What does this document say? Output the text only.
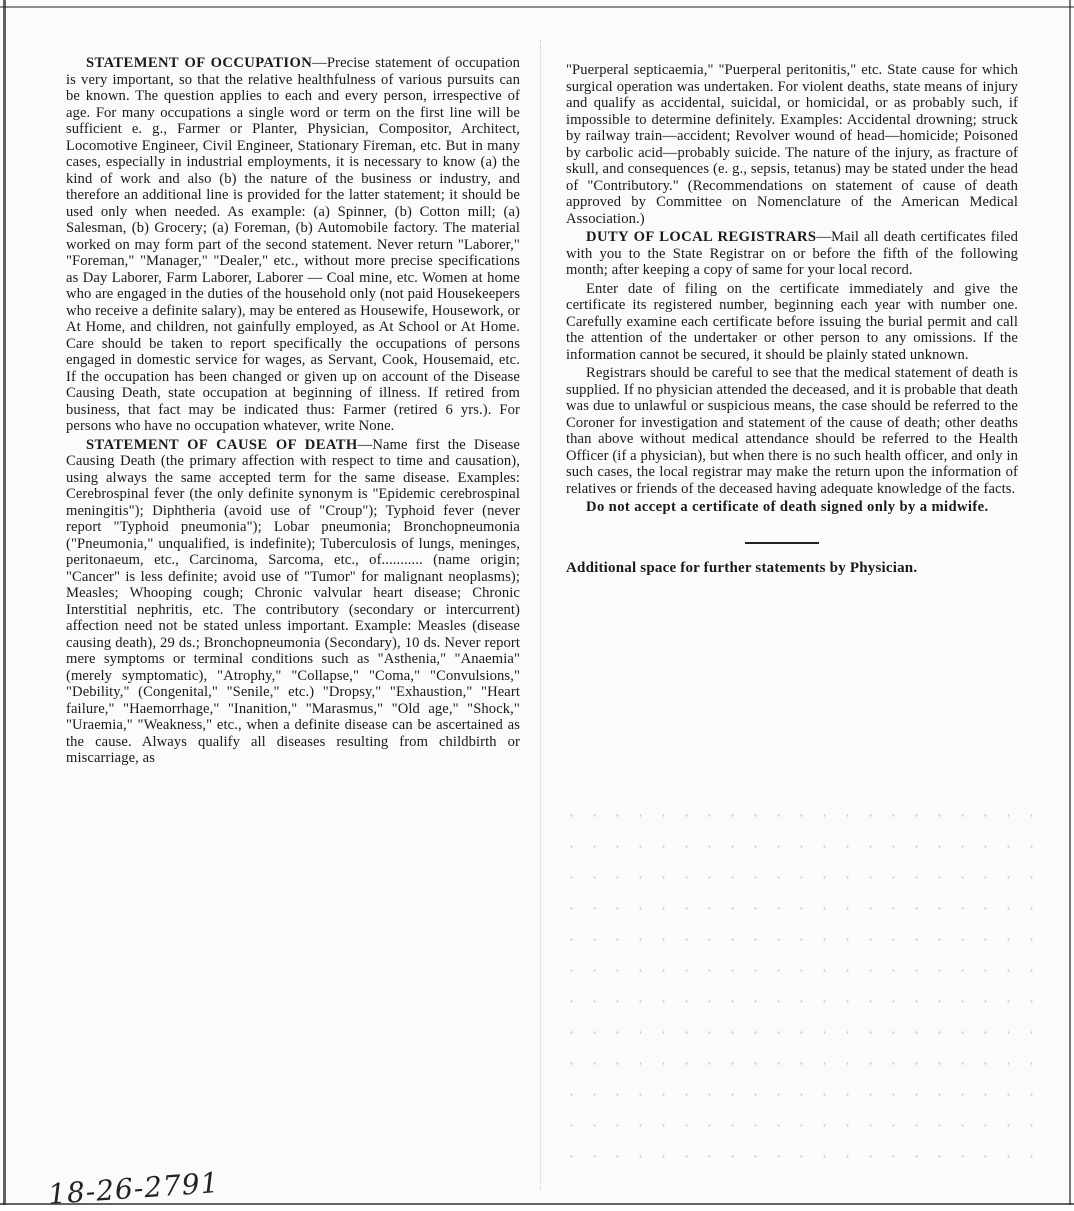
STATEMENT OF OCCUPATION—Precise statement of occupation is very important, so that the relative healthfulness of various pursuits can be known. The question applies to each and every person, irrespective of age. For many occupations a single word or term on the first line will be sufficient e. g., Farmer or Planter, Physician, Compositor, Architect, Locomotive Engineer, Civil Engineer, Stationary Fireman, etc. But in many cases, especially in industrial employments, it is necessary to know (a) the kind of work and also (b) the nature of the business or industry, and therefore an additional line is provided for the latter statement; it should be used only when needed. As example: (a) Spinner, (b) Cotton mill; (a) Salesman, (b) Grocery; (a) Foreman, (b) Automobile factory. The material worked on may form part of the second statement. Never return "Laborer," "Foreman," "Manager," "Dealer," etc., without more precise specifications as Day Laborer, Farm Laborer, Laborer — Coal mine, etc. Women at home who are engaged in the duties of the household only (not paid Housekeepers who receive a definite salary), may be entered as Housewife, Housework, or At Home, and children, not gainfully employed, as At School or At Home. Care should be taken to report specifically the occupations of persons engaged in domestic service for wages, as Servant, Cook, Housemaid, etc. If the occupation has been changed or given up on account of the Disease Causing Death, state occupation at beginning of illness. If retired from business, that fact may be indicated thus: Farmer (retired 6 yrs.). For persons who have no occupation whatever, write None.

STATEMENT OF CAUSE OF DEATH—Name first the Disease Causing Death (the primary affection with respect to time and causation), using always the same accepted term for the same disease. Examples: Cerebrospinal fever (the only definite synonym is "Epidemic cerebrospinal meningitis"); Diphtheria (avoid use of "Croup"); Typhoid fever (never report "Typhoid pneumonia"); Lobar pneumonia; Bronchopneumonia ("Pneumonia," unqualified, is indefinite); Tuberculosis of lungs, meninges, peritonaeum, etc., Carcinoma, Sarcoma, etc., of........... (name origin; "Cancer" is less definite; avoid use of "Tumor" for malignant neoplasms); Measles; Whooping cough; Chronic valvular heart disease; Chronic Interstitial nephritis, etc. The contributory (secondary or intercurrent) affection need not be stated unless important. Example: Measles (disease causing death), 29 ds.; Bronchopneumonia (Secondary), 10 ds. Never report mere symptoms or terminal conditions such as "Asthenia," "Anaemia" (merely symptomatic), "Atrophy," "Collapse," "Coma," "Convulsions," "Debility," (Congenital," "Senile," etc.) "Dropsy," "Exhaustion," "Heart failure," "Haemorrhage," "Inanition," "Marasmus," "Old age," "Shock," "Uraemia," "Weakness," etc., when a definite disease can be ascertained as the cause. Always qualify all diseases resulting from childbirth or miscarriage, as

"Puerperal septicaemia," "Puerperal peritonitis," etc. State cause for which surgical operation was undertaken. For violent deaths, state means of injury and qualify as accidental, suicidal, or homicidal, or as probably such, if impossible to determine definitely. Examples: Accidental drowning; struck by railway train—accident; Revolver wound of head—homicide; Poisoned by carbolic acid—probably suicide. The nature of the injury, as fracture of skull, and consequences (e. g., sepsis, tetanus) may be stated under the head of "Contributory." (Recommendations on statement of cause of death approved by Committee on Nomenclature of the American Medical Association.)

DUTY OF LOCAL REGISTRARS—Mail all death certificates filed with you to the State Registrar on or before the fifth of the following month; after keeping a copy of same for your local record.

Enter date of filing on the certificate immediately and give the certificate its registered number, beginning each year with number one. Carefully examine each certificate before issuing the burial permit and call the attention of the undertaker or other person to any omissions. If the information cannot be secured, it should be plainly stated unknown.

Registrars should be careful to see that the medical statement of death is supplied. If no physician attended the deceased, and it is probable that death was due to unlawful or suspicious means, the case should be referred to the Coroner for investigation and statement of the cause of death; other deaths than above without medical attendance should be referred to the Health Officer (if a physician), but when there is no such health officer, and only in such cases, the local registrar may make the return upon the information of relatives or friends of the deceased having adequate knowledge of the facts.

Do not accept a certificate of death signed only by a midwife.

Additional space for further statements by Physician.

18-26-2791
